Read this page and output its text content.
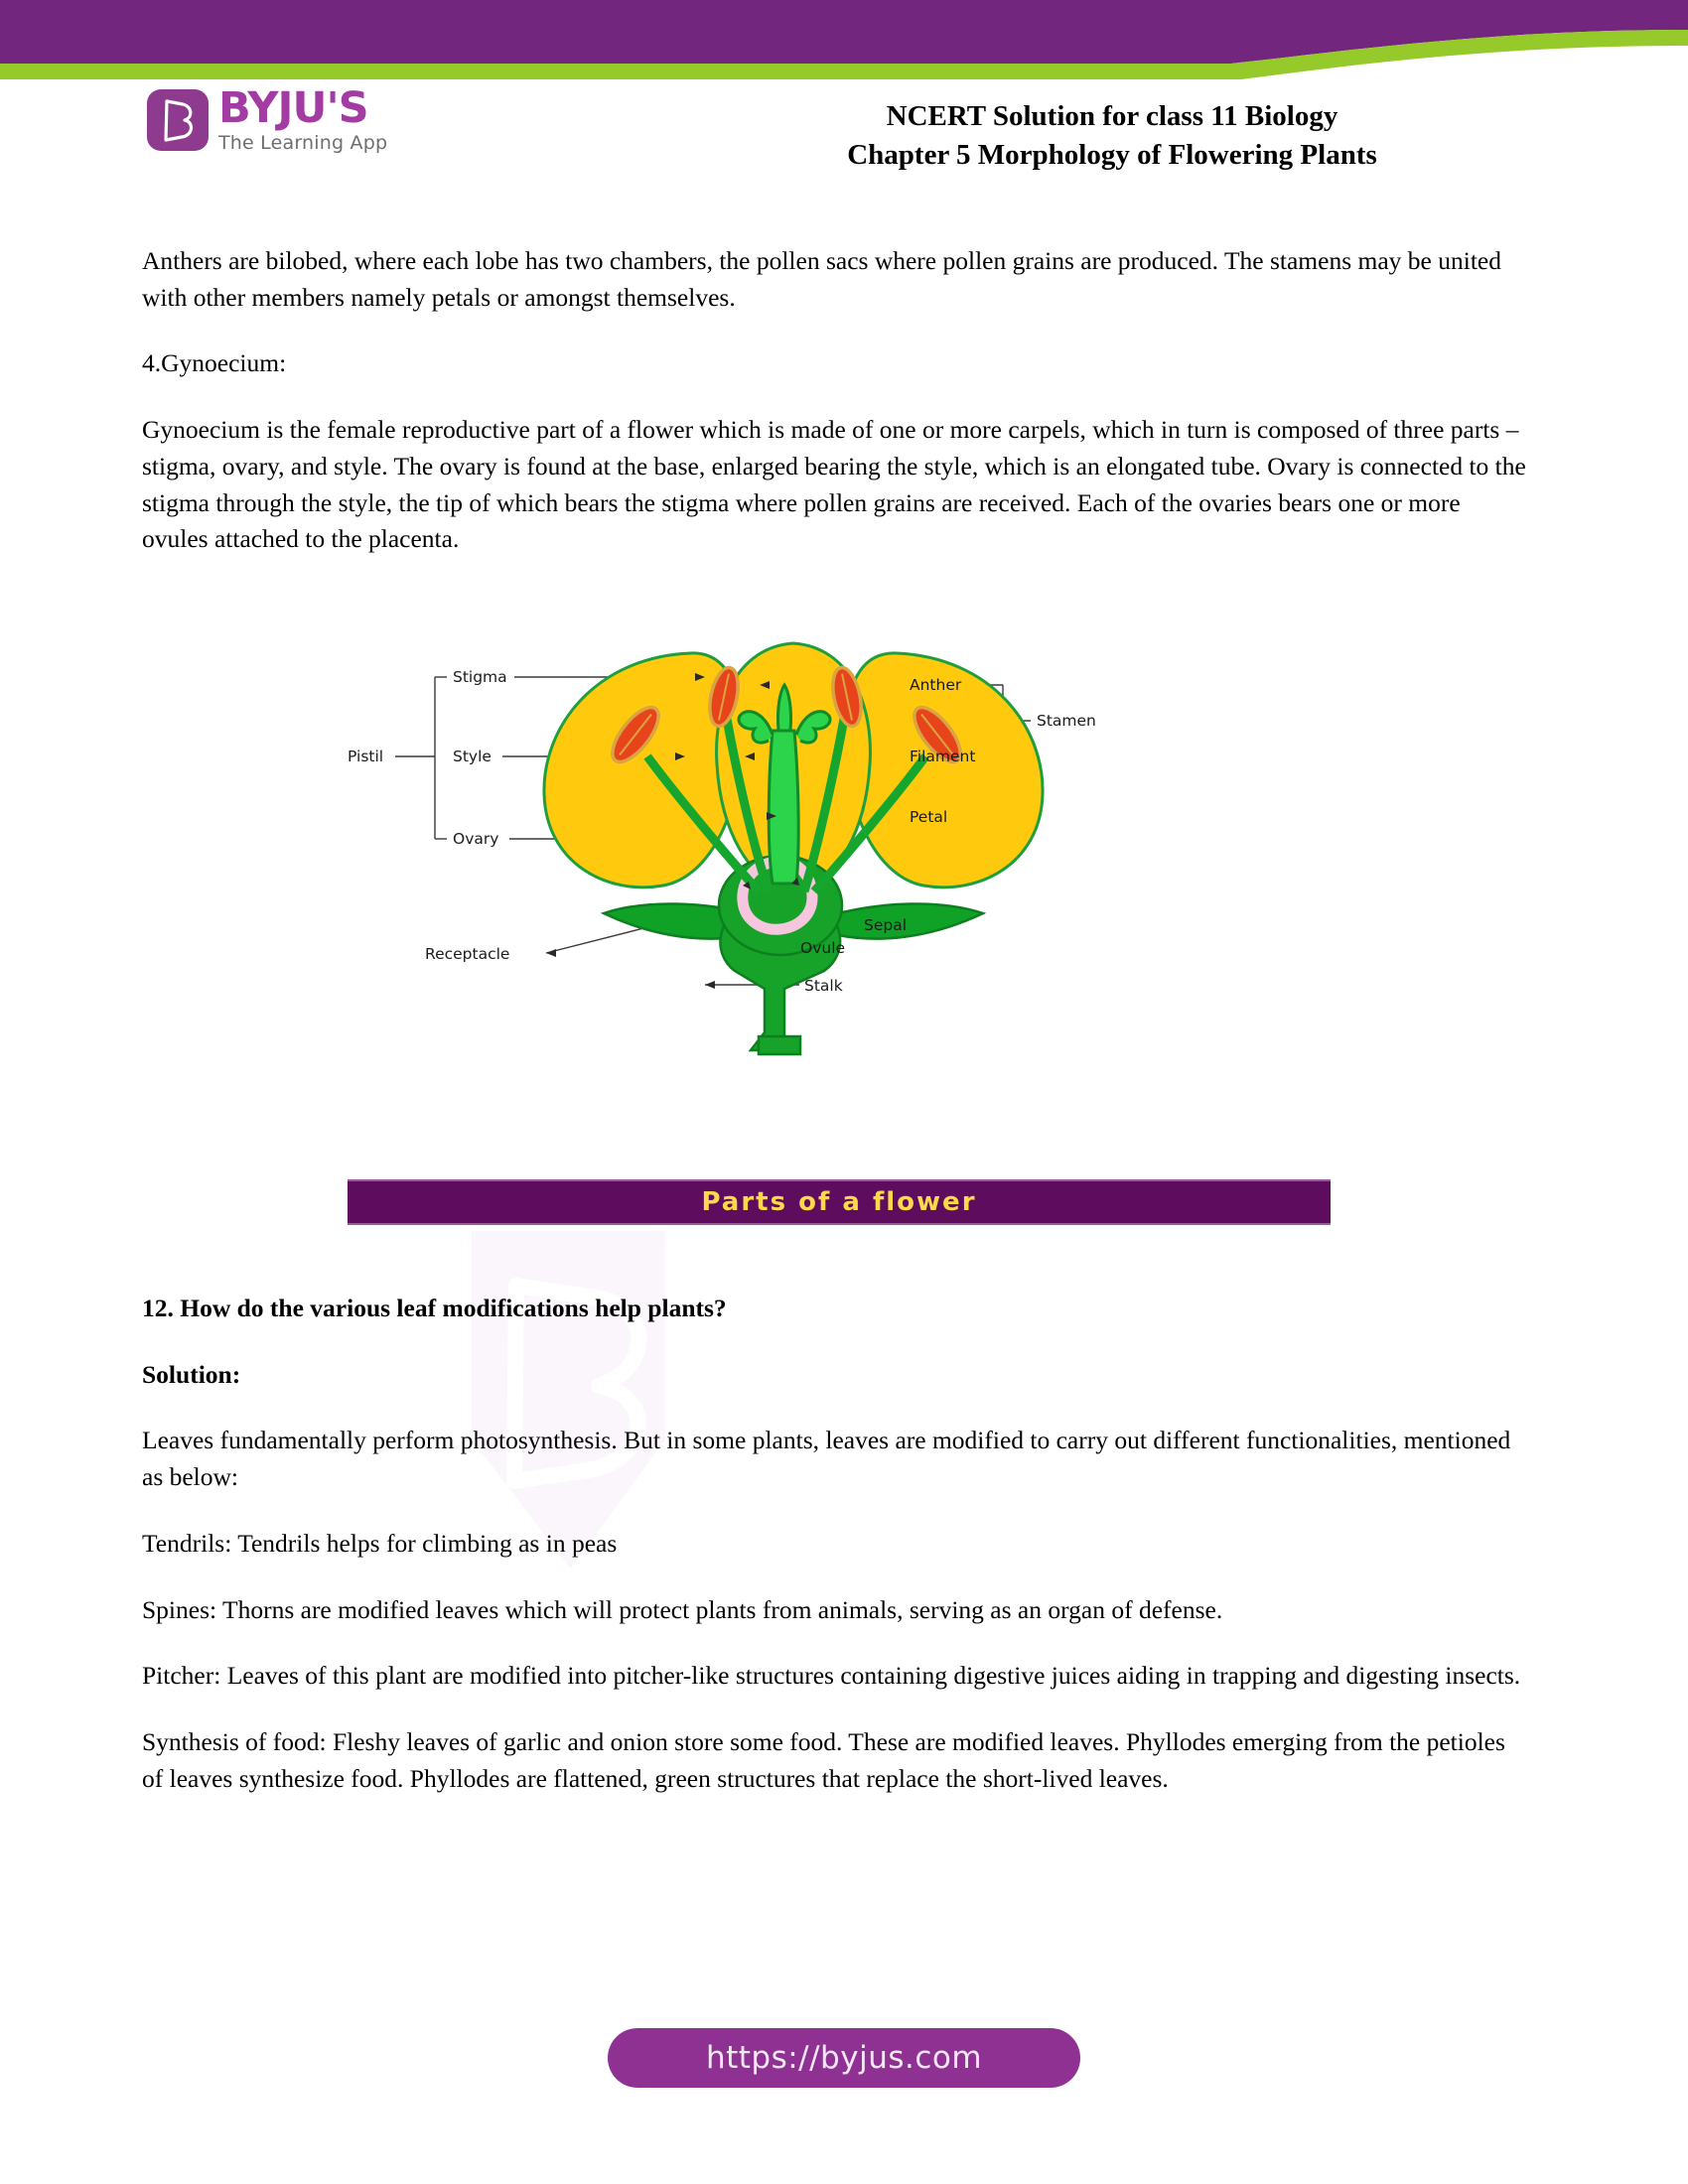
BYJU'S
The Learning App
NCERT Solution for class 11 Biology
Chapter 5 Morphology of Flowering Plants

Anthers are bilobed, where each lobe has two chambers, the pollen sacs where pollen grains are produced. The stamens may be united with other members namely petals or amongst themselves.

4.Gynoecium:

Gynoecium is the female reproductive part of a flower which is made of one or more carpels, which in turn is composed of three parts – stigma, ovary, and style. The ovary is found at the base, enlarged bearing the style, which is an elongated tube. Ovary is connected to the stigma through the style, the tip of which bears the stigma where pollen grains are received. Each of the ovaries bears one or more ovules attached to the placenta.

Pistil
Stigma
Style
Ovary
Anther
Filament
Stamen
Petal
Sepal
Ovule
Receptacle
Stalk
Parts of a flower

12. How do the various leaf modifications help plants?

Solution:

Leaves fundamentally perform photosynthesis. But in some plants, leaves are modified to carry out different functionalities, mentioned as below:

Tendrils: Tendrils helps for climbing as in peas

Spines: Thorns are modified leaves which will protect plants from animals, serving as an organ of defense.

Pitcher: Leaves of this plant are modified into pitcher-like structures containing digestive juices aiding in trapping and digesting insects.

Synthesis of food: Fleshy leaves of garlic and onion store some food. These are modified leaves. Phyllodes emerging from the petioles of leaves synthesize food. Phyllodes are flattened, green structures that replace the short-lived leaves.

https://byjus.com
